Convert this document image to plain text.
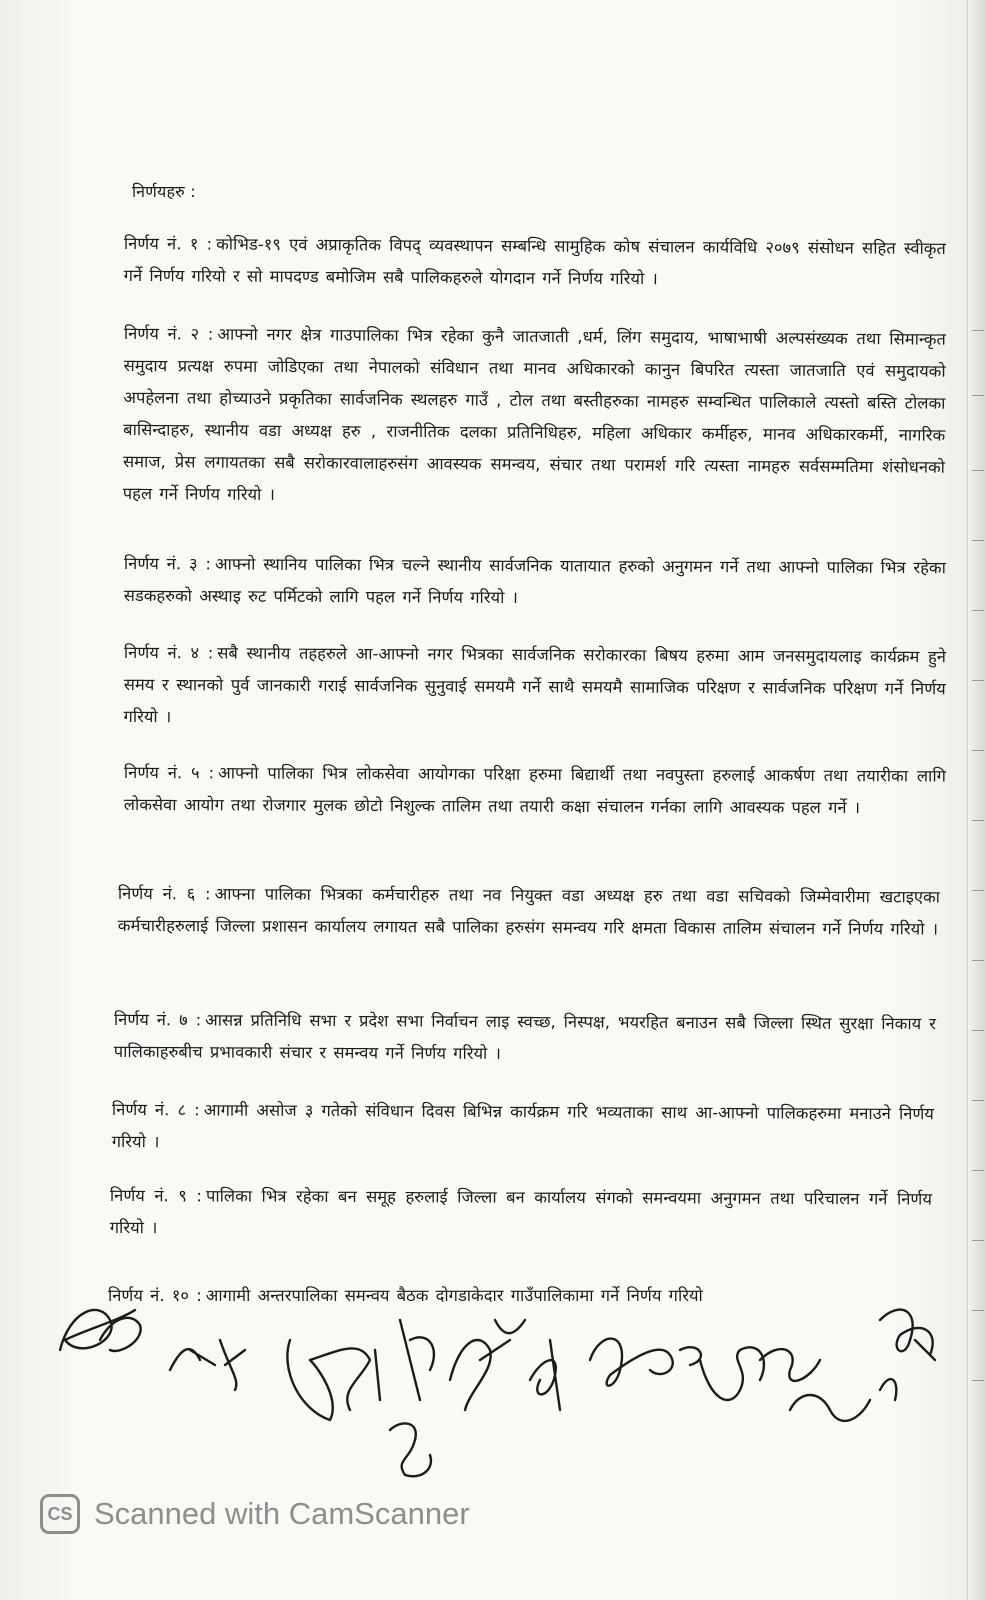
निर्णयहरु :
निर्णय नं. १ : कोभिड-१९ एवं अप्राकृतिक विपद् व्यवस्थापन सम्बन्धि सामुहिक कोष संचालन कार्यविधि २०७९ संसोधन सहित स्वीकृत गर्ने निर्णय गरियो र सो मापदण्ड बमोजिम सबै पालिकहरुले योगदान गर्ने निर्णय गरियो ।
निर्णय नं. २ : आफ्नो नगर क्षेत्र गाउपालिका भित्र रहेका कुनै जातजाती ,धर्म, लिंग समुदाय, भाषाभाषी अल्पसंख्यक तथा सिमान्कृत समुदाय प्रत्यक्ष रुपमा जोडिएका तथा नेपालको संविधान तथा मानव अधिकारको कानुन बिपरित त्यस्ता जातजाति एवं समुदायको अपहेलना तथा होच्याउने प्रकृतिका सार्वजनिक स्थलहरु गाउँ , टोल तथा बस्तीहरुका नामहरु सम्वन्धित पालिकाले त्यस्तो बस्ति टोलका बासिन्दाहरु, स्थानीय वडा अध्यक्ष हरु , राजनीतिक दलका प्रतिनिधिहरु, महिला अधिकार कर्मीहरु, मानव अधिकारकर्मी, नागरिक समाज, प्रेस लगायतका सबै सरोकारवालाहरुसंग आवस्यक समन्वय, संचार तथा परामर्श गरि त्यस्ता नामहरु सर्वसम्मतिमा शंसोधनको पहल गर्ने निर्णय गरियो ।
निर्णय नं. ३ : आफ्नो स्थानिय पालिका भित्र चल्ने स्थानीय सार्वजनिक यातायात हरुको अनुगमन गर्ने तथा आफ्नो पालिका भित्र रहेका सडकहरुको अस्थाइ रुट पर्मिटको लागि पहल गर्ने निर्णय गरियो ।
निर्णय नं. ४ : सबै स्थानीय तहहरुले आ-आफ्नो नगर भित्रका सार्वजनिक सरोकारका बिषय हरुमा आम जनसमुदायलाइ कार्यक्रम हुने समय र स्थानको पुर्व जानकारी गराई सार्वजनिक सुनुवाई समयमै गर्ने साथै समयमै सामाजिक परिक्षण र सार्वजनिक परिक्षण गर्ने निर्णय गरियो ।
निर्णय नं. ५ : आफ्नो पालिका भित्र लोकसेवा आयोगका परिक्षा हरुमा बिद्यार्थी तथा नवपुस्ता हरुलाई आकर्षण तथा तयारीका लागि लोकसेवा आयोग तथा रोजगार मुलक छोटो निशुल्क तालिम तथा तयारी कक्षा संचालन गर्नका लागि आवस्यक पहल गर्ने ।
निर्णय नं. ६ : आफ्ना पालिका भित्रका कर्मचारीहरु तथा नव नियुक्त वडा अध्यक्ष हरु तथा वडा सचिवको जिम्मेवारीमा खटाइएका कर्मचारीहरुलाई जिल्ला प्रशासन कार्यालय लगायत सबै पालिका हरुसंग समन्वय गरि क्षमता विकास तालिम संचालन गर्ने निर्णय गरियो ।
निर्णय नं. ७ : आसन्न प्रतिनिधि सभा र प्रदेश सभा निर्वाचन लाइ स्वच्छ, निस्पक्ष, भयरहित बनाउन सबै जिल्ला स्थित सुरक्षा निकाय र पालिकाहरुबीच प्रभावकारी संचार र समन्वय गर्ने निर्णय गरियो ।
निर्णय नं. ८ : आगामी असोज ३ गतेको संविधान दिवस बिभिन्न कार्यक्रम गरि भव्यताका साथ आ-आफ्नो पालिकहरुमा मनाउने निर्णय गरियो ।
निर्णय नं. ९ : पालिका भित्र रहेका बन समूह हरुलाई जिल्ला बन कार्यालय संगको समन्वयमा अनुगमन तथा परिचालन गर्ने निर्णय गरियो ।
निर्णय नं. १० : आगामी अन्तरपालिका समन्वय बैठक दोगडाकेदार गाउँपालिकामा गर्ने निर्णय गरियो
CS Scanned with CamScanner
